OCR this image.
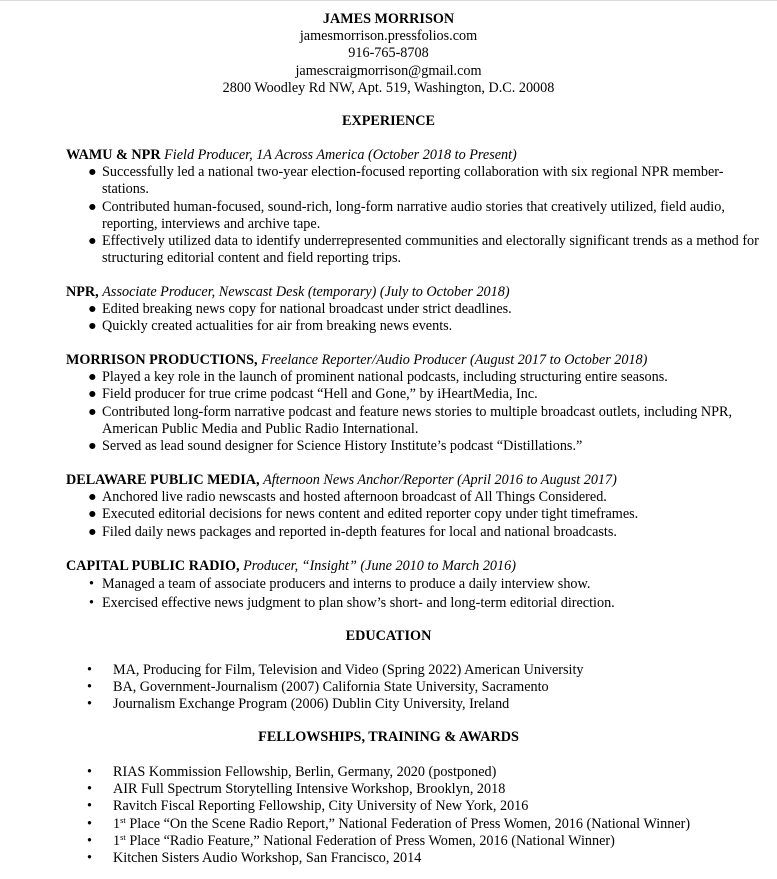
JAMES MORRISON
jamesmorrison.pressfolios.com
916-765-8708
jamescraigmorrison@gmail.com
2800 Woodley Rd NW, Apt. 519, Washington, D.C. 20008
EXPERIENCE
WAMU & NPR Field Producer, 1A Across America (October 2018 to Present)
● Successfully led a national two-year election-focused reporting collaboration with six regional NPR member-stations.
● Contributed human-focused, sound-rich, long-form narrative audio stories that creatively utilized, field audio, reporting, interviews and archive tape.
● Effectively utilized data to identify underrepresented communities and electorally significant trends as a method for structuring editorial content and field reporting trips.
NPR, Associate Producer, Newscast Desk (temporary) (July to October 2018)
● Edited breaking news copy for national broadcast under strict deadlines.
● Quickly created actualities for air from breaking news events.
MORRISON PRODUCTIONS, Freelance Reporter/Audio Producer (August 2017 to October 2018)
● Played a key role in the launch of prominent national podcasts, including structuring entire seasons.
● Field producer for true crime podcast “Hell and Gone,” by iHeartMedia, Inc.
● Contributed long-form narrative podcast and feature news stories to multiple broadcast outlets, including NPR, American Public Media and Public Radio International.
● Served as lead sound designer for Science History Institute’s podcast “Distillations.”
DELAWARE PUBLIC MEDIA, Afternoon News Anchor/Reporter (April 2016 to August 2017)
● Anchored live radio newscasts and hosted afternoon broadcast of All Things Considered.
● Executed editorial decisions for news content and edited reporter copy under tight timeframes.
● Filed daily news packages and reported in-depth features for local and national broadcasts.
CAPITAL PUBLIC RADIO, Producer, “Insight” (June 2010 to March 2016)
• Managed a team of associate producers and interns to produce a daily interview show.
• Exercised effective news judgment to plan show’s short- and long-term editorial direction.
EDUCATION
• MA, Producing for Film, Television and Video (Spring 2022) American University
• BA, Government-Journalism (2007) California State University, Sacramento
• Journalism Exchange Program (2006) Dublin City University, Ireland
FELLOWSHIPS, TRAINING & AWARDS
• RIAS Kommission Fellowship, Berlin, Germany, 2020 (postponed)
• AIR Full Spectrum Storytelling Intensive Workshop, Brooklyn, 2018
• Ravitch Fiscal Reporting Fellowship, City University of New York, 2016
• 1st Place “On the Scene Radio Report,” National Federation of Press Women, 2016 (National Winner)
• 1st Place “Radio Feature,” National Federation of Press Women, 2016 (National Winner)
• Kitchen Sisters Audio Workshop, San Francisco, 2014
